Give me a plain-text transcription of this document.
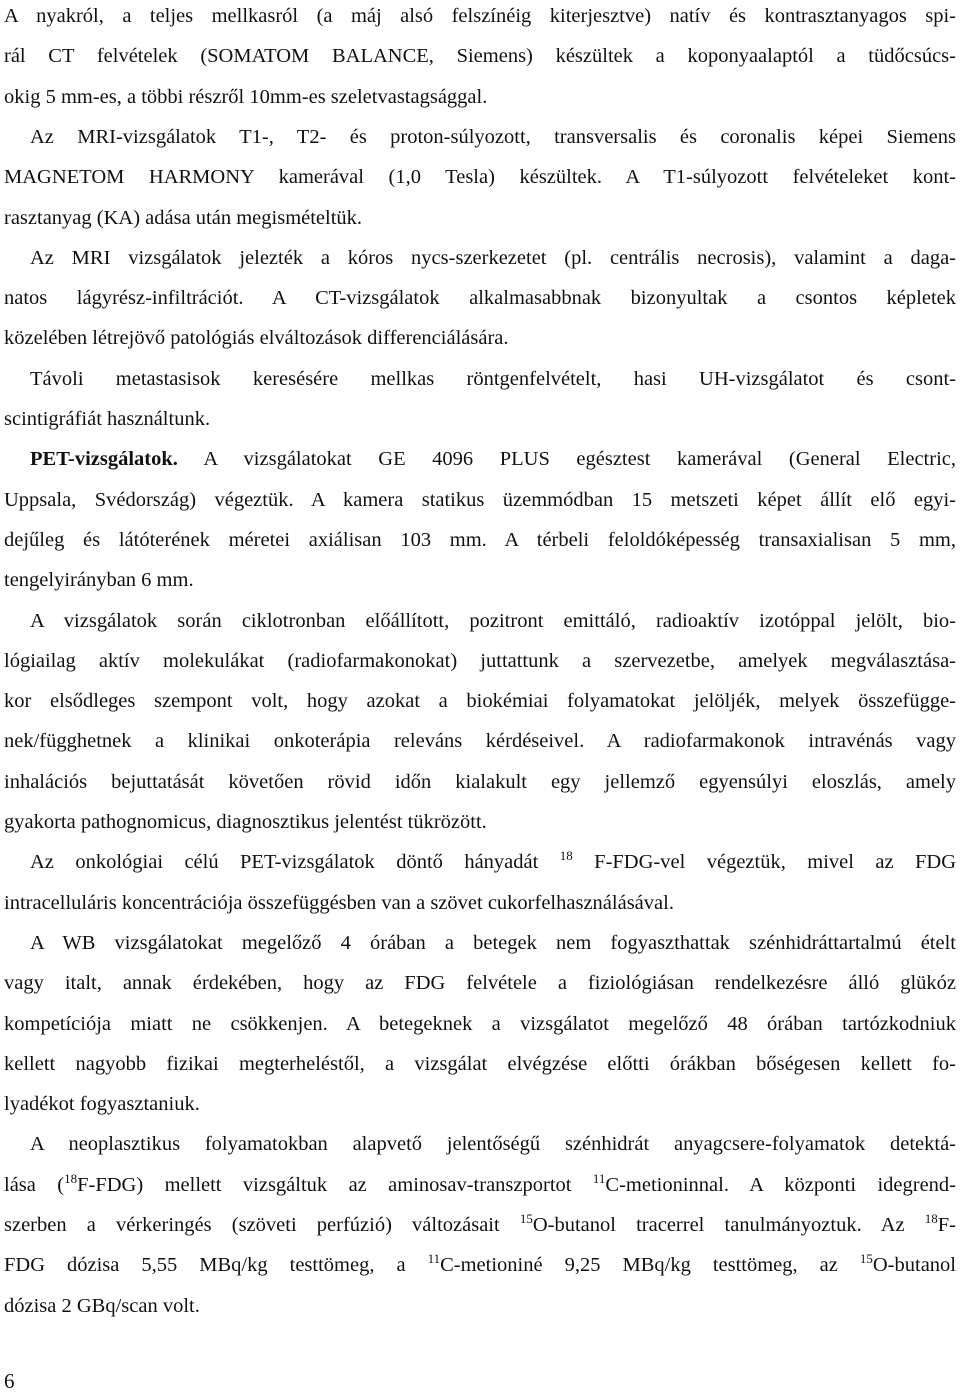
A nyakról, a teljes mellkasról (a máj alsó felszínéig kiterjesztve) natív és kontrasztanyagos spi-
rál CT felvételek (SOMATOM BALANCE, Siemens) készültek a koponyaalaptól a tüdőcsúcs-
okig 5 mm-es, a többi részről 10mm-es szeletvastagsággal.
Az MRI-vizsgálatok T1-, T2- és proton-súlyozott, transversalis és coronalis képei Siemens
MAGNETOM HARMONY kamerával (1,0 Tesla) készültek. A T1-súlyozott felvételeket kont-
rasztanyag (KA) adása után megismételtük.
Az MRI vizsgálatok jelezték a kóros nycs-szerkezetet (pl. centrális necrosis), valamint a daga-
natos lágyrész-infiltrációt. A CT-vizsgálatok alkalmasabbnak bizonyultak a csontos képletek
közelében létrejövő patológiás elváltozások differenciálására.
Távoli metastasisok keresésére mellkas röntgenfelvételt, hasi UH-vizsgálatot és csont-
scintigráfiát használtunk.
PET-vizsgálatok. A vizsgálatokat GE 4096 PLUS egésztest kamerával (General Electric,
Uppsala, Svédország) végeztük. A kamera statikus üzemmódban 15 metszeti képet állít elő egyi-
dejűleg és látóterének méretei axiálisan 103 mm. A térbeli feloldóképesség transaxialisan 5 mm,
tengelyirányban 6 mm.
A vizsgálatok során ciklotronban előállított, pozitront emittáló, radioaktív izotóppal jelölt, bio-
lógiailag aktív molekulákat (radiofarmakonokat) juttattunk a szervezetbe, amelyek megválasztása-
kor elsődleges szempont volt, hogy azokat a biokémiai folyamatokat jelöljék, melyek összefügge-
nek/függhetnek a klinikai onkoterápia releváns kérdéseivel. A radiofarmakonok intravénás vagy
inhalációs bejuttatását követően rövid időn kialakult egy jellemző egyensúlyi eloszlás, amely
gyakorta pathognomicus, diagnosztikus jelentést tükrözött.
Az onkológiai célú PET-vizsgálatok döntő hányadát $^{18}$ F-FDG-vel végeztük, mivel az FDG
intracelluláris koncentrációja összefüggésben van a szövet cukorfelhasználásával.
A WB vizsgálatokat megelőző 4 órában a betegek nem fogyaszthattak szénhidráttartalmú ételt
vagy italt, annak érdekében, hogy az FDG felvétele a fiziológiásan rendelkezésre álló glükóz
kompetíciója miatt ne csökkenjen. A betegeknek a vizsgálatot megelőző 48 órában tartózkodniuk
kellett nagyobb fizikai megterheléstől, a vizsgálat elvégzése előtti órákban bőségesen kellett fo-
lyadékot fogyasztaniuk.
A neoplasztikus folyamatokban alapvető jelentőségű szénhidrát anyagcsere-folyamatok detektá-
lása ($^{18}$F-FDG) mellett vizsgáltuk az aminosav-transzportot $^{11}$C-metioninnal. A központi idegrend-
szerben a vérkeringés (szöveti perfúzió) változásait $^{15}$O-butanol tracerrel tanulmányoztuk. Az $^{18}$F-
FDG dózisa 5,55 MBq/kg testtömeg, a $^{11}$C-metioniné 9,25 MBq/kg testtömeg, az $^{15}$O-butanol
dózisa 2 GBq/scan volt.
6
